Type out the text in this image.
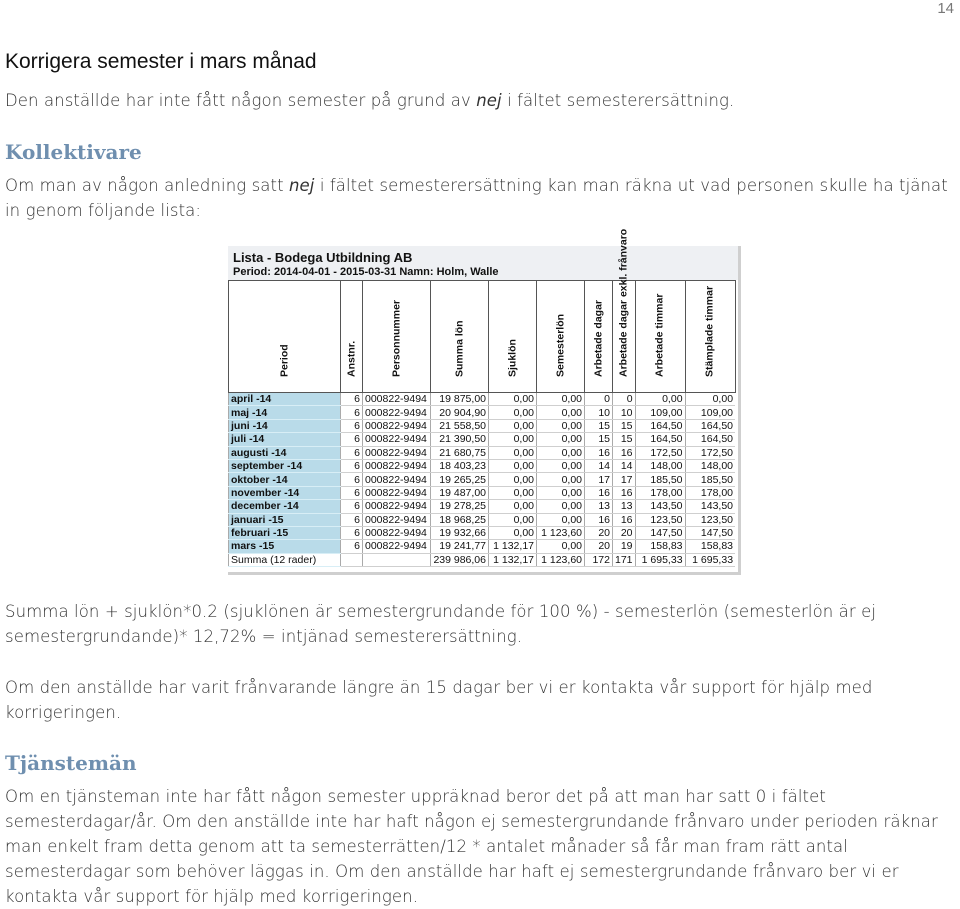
14
Korrigera semester i mars månad

Den anställde har inte fått någon semester på grund av nej i fältet semesterersättning.

Kollektivare

Om man av någon anledning satt nej i fältet semesterersättning kan man räkna ut vad personen skulle ha tjänat in genom följande lista:

Lista - Bodega Utbildning AB
Period: 2014-04-01 - 2015-03-31 Namn: Holm, Walle
Period	Anstnr.	Personnummer	Summa lön	Sjuklön	Semesterlön	Arbetade dagar	Arbetade dagar exkl. frånvaro	Arbetade timmar	Stämplade timmar

april -14	6	000822-9494	19 875,00	0,00	0,00	0	0	0,00	0,00
maj -14	6	000822-9494	20 904,90	0,00	0,00	10	10	109,00	109,00
juni -14	6	000822-9494	21 558,50	0,00	0,00	15	15	164,50	164,50
juli -14	6	000822-9494	21 390,50	0,00	0,00	15	15	164,50	164,50
augusti -14	6	000822-9494	21 680,75	0,00	0,00	16	16	172,50	172,50
september -14	6	000822-9494	18 403,23	0,00	0,00	14	14	148,00	148,00
oktober -14	6	000822-9494	19 265,25	0,00	0,00	17	17	185,50	185,50
november -14	6	000822-9494	19 487,00	0,00	0,00	16	16	178,00	178,00
december -14	6	000822-9494	19 278,25	0,00	0,00	13	13	143,50	143,50
januari -15	6	000822-9494	18 968,25	0,00	0,00	16	16	123,50	123,50
februari -15	6	000822-9494	19 932,66	0,00	1 123,60	20	20	147,50	147,50
mars -15	6	000822-9494	19 241,77	1 132,17	0,00	20	19	158,83	158,83
Summa (12 rader)			239 986,06	1 132,17	1 123,60	172	171	1 695,33	1 695,33

Summa lön + sjuklön*0.2 (sjuklönen är semestergrundande för 100 %) - semesterlön (semesterlön är ej semestergrundande)* 12,72% = intjänad semesterersättning.

Om den anställde har varit frånvarande längre än 15 dagar ber vi er kontakta vår support för hjälp med korrigeringen.

Tjänstemän

Om en tjänsteman inte har fått någon semester uppräknad beror det på att man har satt 0 i fältet semesterdagar/år. Om den anställde inte har haft någon ej semestergrundande frånvaro under perioden räknar man enkelt fram detta genom att ta semesterrätten/12 * antalet månader så får man fram rätt antal semesterdagar som behöver läggas in. Om den anställde har haft ej semestergrundande frånvaro ber vi er kontakta vår support för hjälp med korrigeringen.
